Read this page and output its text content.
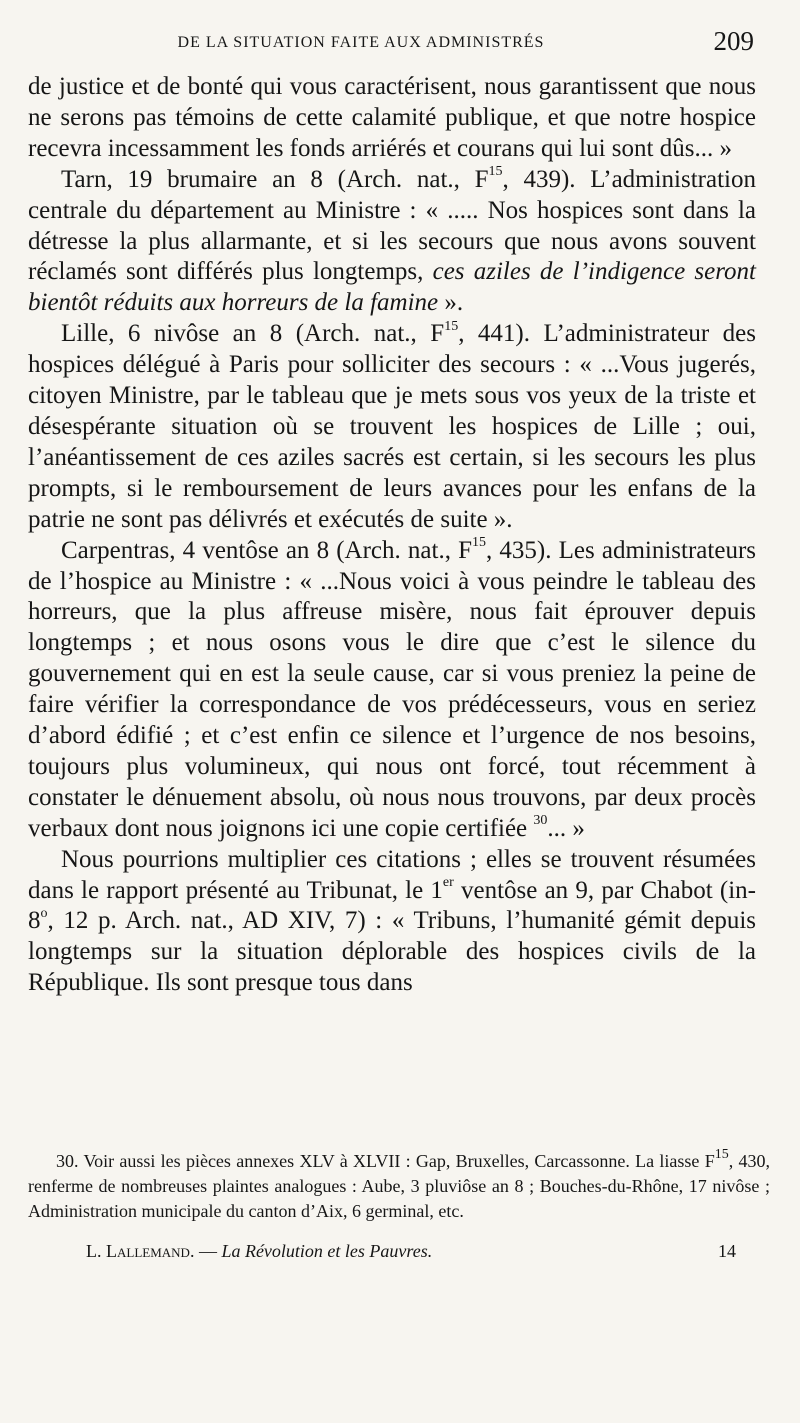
DE LA SITUATION FAITE AUX ADMINISTRÉS	209

de justice et de bonté qui vous caractérisent, nous garantissent que nous ne serons pas témoins de cette calamité publique, et que notre hospice recevra incessamment les fonds arriérés et courans qui lui sont dûs... »

Tarn, 19 brumaire an 8 (Arch. nat., $F^{15}$, 439). L’administration centrale du département au Ministre : « ..... Nos hospices sont dans la détresse la plus allarmante, et si les secours que nous avons souvent réclamés sont différés plus longtemps, ces aziles de l’indigence seront bientôt réduits aux horreurs de la famine ».

Lille, 6 nivôse an 8 (Arch. nat., $F^{15}$, 441). L’administrateur des hospices délégué à Paris pour solliciter des secours : « ...Vous jugerés, citoyen Ministre, par le tableau que je mets sous vos yeux de la triste et désespérante situation où se trouvent les hospices de Lille ; oui, l’anéantissement de ces aziles sacrés est certain, si les secours les plus prompts, si le remboursement de leurs avances pour les enfans de la patrie ne sont pas délivrés et exécutés de suite ».

Carpentras, 4 ventôse an 8 (Arch. nat., $F^{15}$, 435). Les administrateurs de l’hospice au Ministre : « ...Nous voici à vous peindre le tableau des horreurs, que la plus affreuse misère, nous fait éprouver depuis longtemps ; et nous osons vous le dire que c’est le silence du gouvernement qui en est la seule cause, car si vous preniez la peine de faire vérifier la correspondance de vos prédécesseurs, vous en seriez d’abord édifié ; et c’est enfin ce silence et l’urgence de nos besoins, toujours plus volumineux, qui nous ont forcé, tout récemment à constater le dénuement absolu, où nous nous trouvons, par deux procès verbaux dont nous joignons ici une copie certifiée $^{30}$... »

Nous pourrions multiplier ces citations ; elles se trouvent résumées dans le rapport présenté au Tribunat, le 1er ventôse an 9, par Chabot (in-8$^o$, 12 p. Arch. nat., AD XIV, 7) : « Tribuns, l’humanité gémit depuis longtemps sur la situation déplorable des hospices civils de la République. Ils sont presque tous dans

30. Voir aussi les pièces annexes XLV à XLVII : Gap, Bruxelles, Carcassonne. La liasse $F^{15}$, 430, renferme de nombreuses plaintes analogues : Aube, 3 pluviôse an 8 ; Bouches-du-Rhône, 17 nivôse ; Administration municipale du canton d’Aix, 6 germinal, etc.

L. Lallemand. — La Révolution et les Pauvres.	14
